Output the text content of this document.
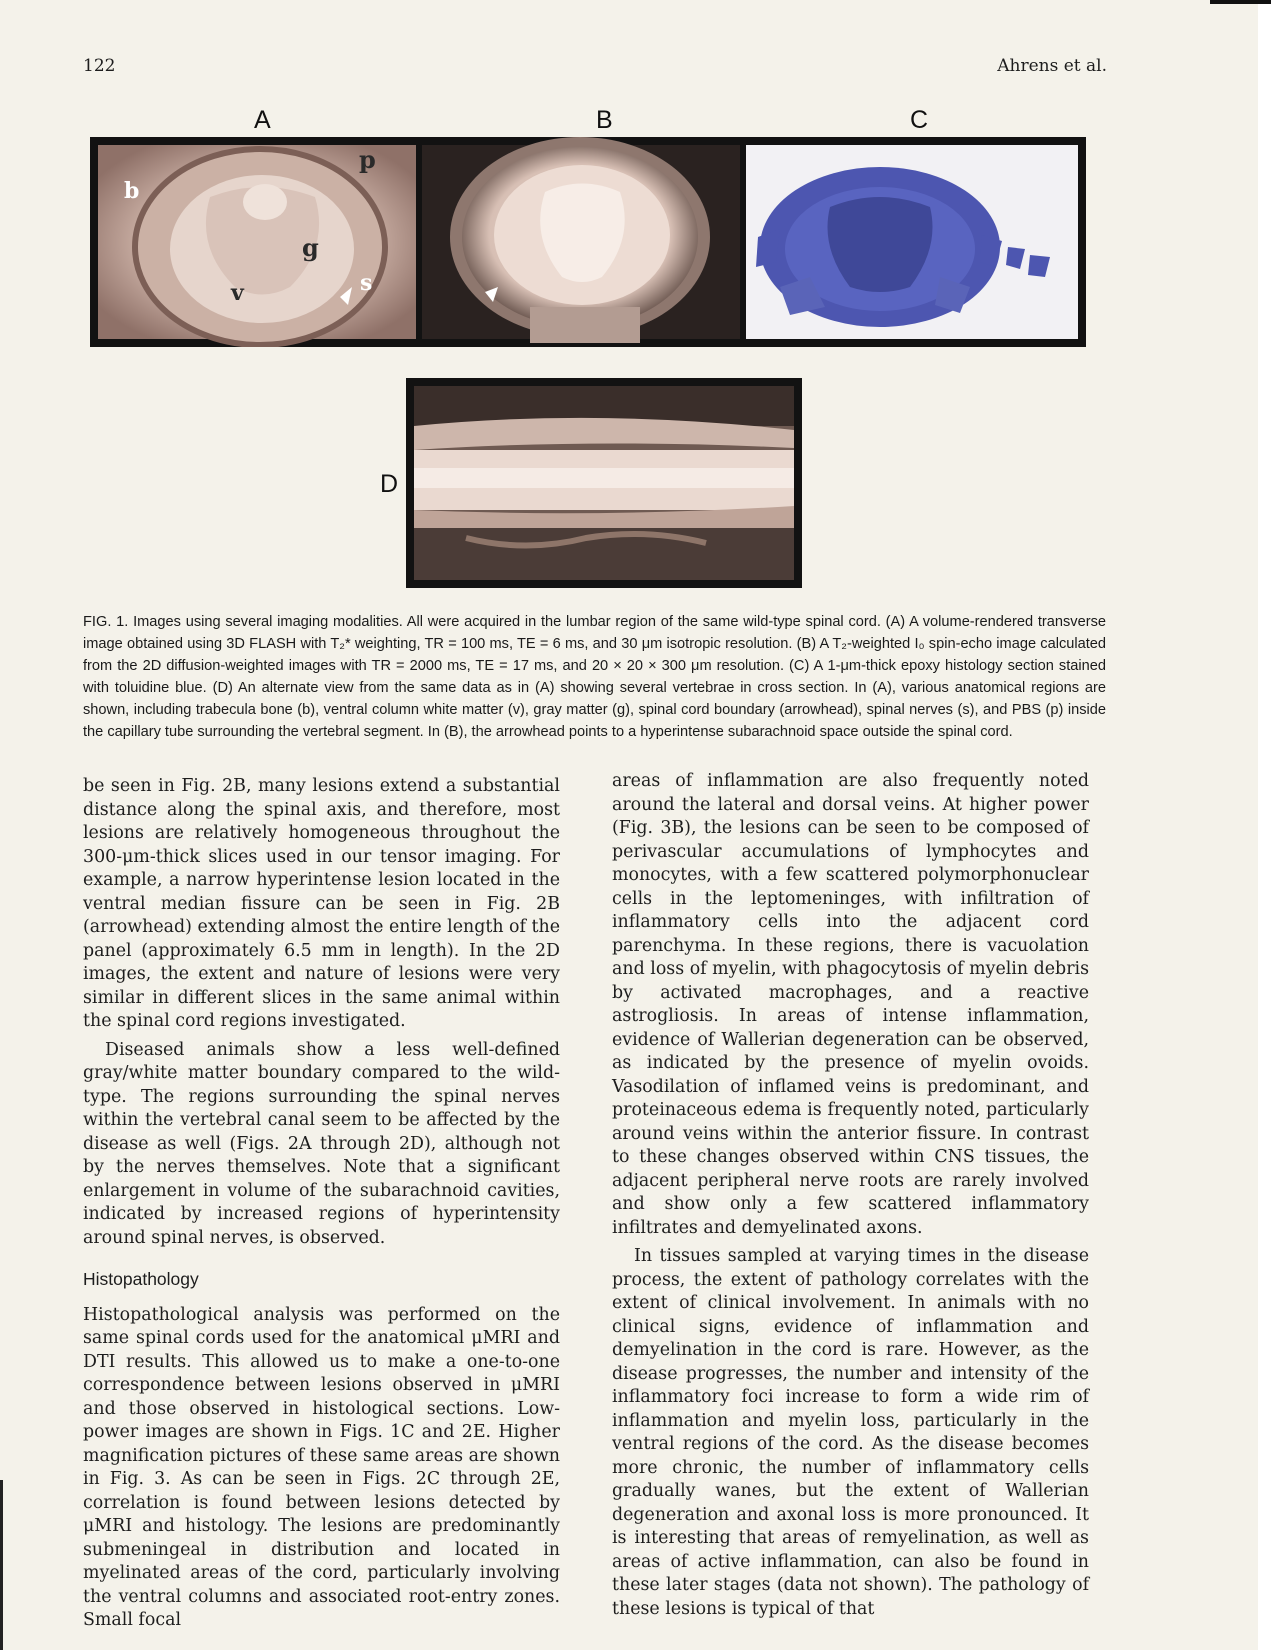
122	Ahrens et al.
A	B	C
D
b
p
g
v	s
FIG. 1. Images using several imaging modalities. All were acquired in the lumbar region of the same wild-type spinal cord. (A) A volume-rendered transverse image obtained using 3D FLASH with T₂* weighting, TR = 100 ms, TE = 6 ms, and 30 μm isotropic resolution. (B) A T₂-weighted I₀ spin-echo image calculated from the 2D diffusion-weighted images with TR = 2000 ms, TE = 17 ms, and 20 × 20 × 300 μm resolution. (C) A 1-μm-thick epoxy histology section stained with toluidine blue. (D) An alternate view from the same data as in (A) showing several vertebrae in cross section. In (A), various anatomical regions are shown, including trabecula bone (b), ventral column white matter (v), gray matter (g), spinal cord boundary (arrowhead), spinal nerves (s), and PBS (p) inside the capillary tube surrounding the vertebral segment. In (B), the arrowhead points to a hyperintense subarachnoid space outside the spinal cord.

be seen in Fig. 2B, many lesions extend a substantial distance along the spinal axis, and therefore, most lesions are relatively homogeneous throughout the 300-μm-thick slices used in our tensor imaging. For example, a narrow hyperintense lesion located in the ventral median fissure can be seen in Fig. 2B (arrowhead) extending almost the entire length of the panel (approximately 6.5 mm in length). In the 2D images, the extent and nature of lesions were very similar in different slices in the same animal within the spinal cord regions investigated.

Diseased animals show a less well-defined gray/white matter boundary compared to the wild-type. The regions surrounding the spinal nerves within the vertebral canal seem to be affected by the disease as well (Figs. 2A through 2D), although not by the nerves themselves. Note that a significant enlargement in volume of the subarachnoid cavities, indicated by increased regions of hyperintensity around spinal nerves, is observed.

Histopathology

Histopathological analysis was performed on the same spinal cords used for the anatomical μMRI and DTI results. This allowed us to make a one-to-one correspondence between lesions observed in μMRI and those observed in histological sections. Low-power images are shown in Figs. 1C and 2E. Higher magnification pictures of these same areas are shown in Fig. 3. As can be seen in Figs. 2C through 2E, correlation is found between lesions detected by μMRI and histology. The lesions are predominantly submeningeal in distribution and located in myelinated areas of the cord, particularly involving the ventral columns and associated root-entry zones. Small focal

areas of inflammation are also frequently noted around the lateral and dorsal veins. At higher power (Fig. 3B), the lesions can be seen to be composed of perivascular accumulations of lymphocytes and monocytes, with a few scattered polymorphonuclear cells in the leptomeninges, with infiltration of inflammatory cells into the adjacent cord parenchyma. In these regions, there is vacuolation and loss of myelin, with phagocytosis of myelin debris by activated macrophages, and a reactive astrogliosis. In areas of intense inflammation, evidence of Wallerian degeneration can be observed, as indicated by the presence of myelin ovoids. Vasodilation of inflamed veins is predominant, and proteinaceous edema is frequently noted, particularly around veins within the anterior fissure. In contrast to these changes observed within CNS tissues, the adjacent peripheral nerve roots are rarely involved and show only a few scattered inflammatory infiltrates and demyelinated axons.

In tissues sampled at varying times in the disease process, the extent of pathology correlates with the extent of clinical involvement. In animals with no clinical signs, evidence of inflammation and demyelination in the cord is rare. However, as the disease progresses, the number and intensity of the inflammatory foci increase to form a wide rim of inflammation and myelin loss, particularly in the ventral regions of the cord. As the disease becomes more chronic, the number of inflammatory cells gradually wanes, but the extent of Wallerian degeneration and axonal loss is more pronounced. It is interesting that areas of remyelination, as well as areas of active inflammation, can also be found in these later stages (data not shown). The pathology of these lesions is typical of that
